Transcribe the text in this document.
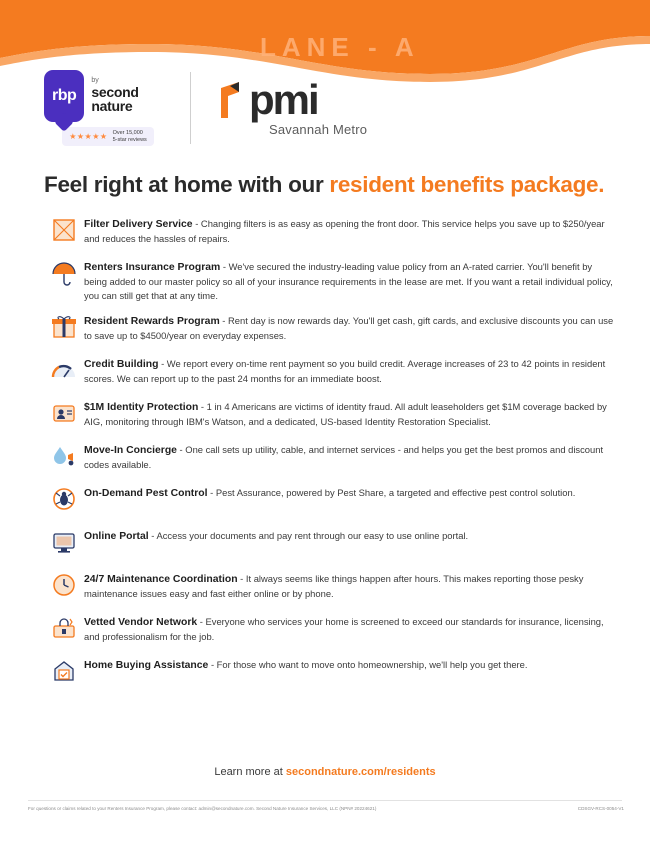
LANE - A
rbp
by
second nature
★★★★★ Over 15,000
5-star reviews
pmi
Savannah Metro
Feel right at home with our resident benefits package.
Filter Delivery Service - Changing filters is as easy as opening the front door. This service helps you save up to $250/year and reduces the hassles of repairs.
Renters Insurance Program - We've secured the industry-leading value policy from an A-rated carrier. You'll benefit by being added to our master policy so all of your insurance requirements in the lease are met. If you want a retail individual policy, you can still get that at any time.
Resident Rewards Program - Rent day is now rewards day. You'll get cash, gift cards, and exclusive discounts you can use to save up to $4500/year on everyday expenses.
Credit Building - We report every on-time rent payment so you build credit. Average increases of 23 to 42 points in resident scores. We can report up to the past 24 months for an immediate boost.
$1M Identity Protection - 1 in 4 Americans are victims of identity fraud. All adult leaseholders get $1M coverage backed by AIG, monitoring through IBM's Watson, and a dedicated, US-based Identity Restoration Specialist.
Move-In Concierge - One call sets up utility, cable, and internet services - and helps you get the best promos and discount codes available.
On-Demand Pest Control - Pest Assurance, powered by Pest Share, a targeted and effective pest control solution.
Online Portal - Access your documents and pay rent through our easy to use online portal.
24/7 Maintenance Coordination - It always seems like things happen after hours. This makes reporting those pesky maintenance issues easy and fast either online or by phone.
Vetted Vendor Network - Everyone who services your home is screened to exceed our standards for insurance, licensing, and professionalism for the job.
Home Buying Assistance - For those who want to move onto homeownership, we'll help you get there.
Learn more at secondnature.com/residents
For questions or claims related to your Renters Insurance Program, please contact: admin@secondnature.com. Second Nature Insurance Services, LLC (NPN# 20224621)	CDSGV-RCS-0054-V1
